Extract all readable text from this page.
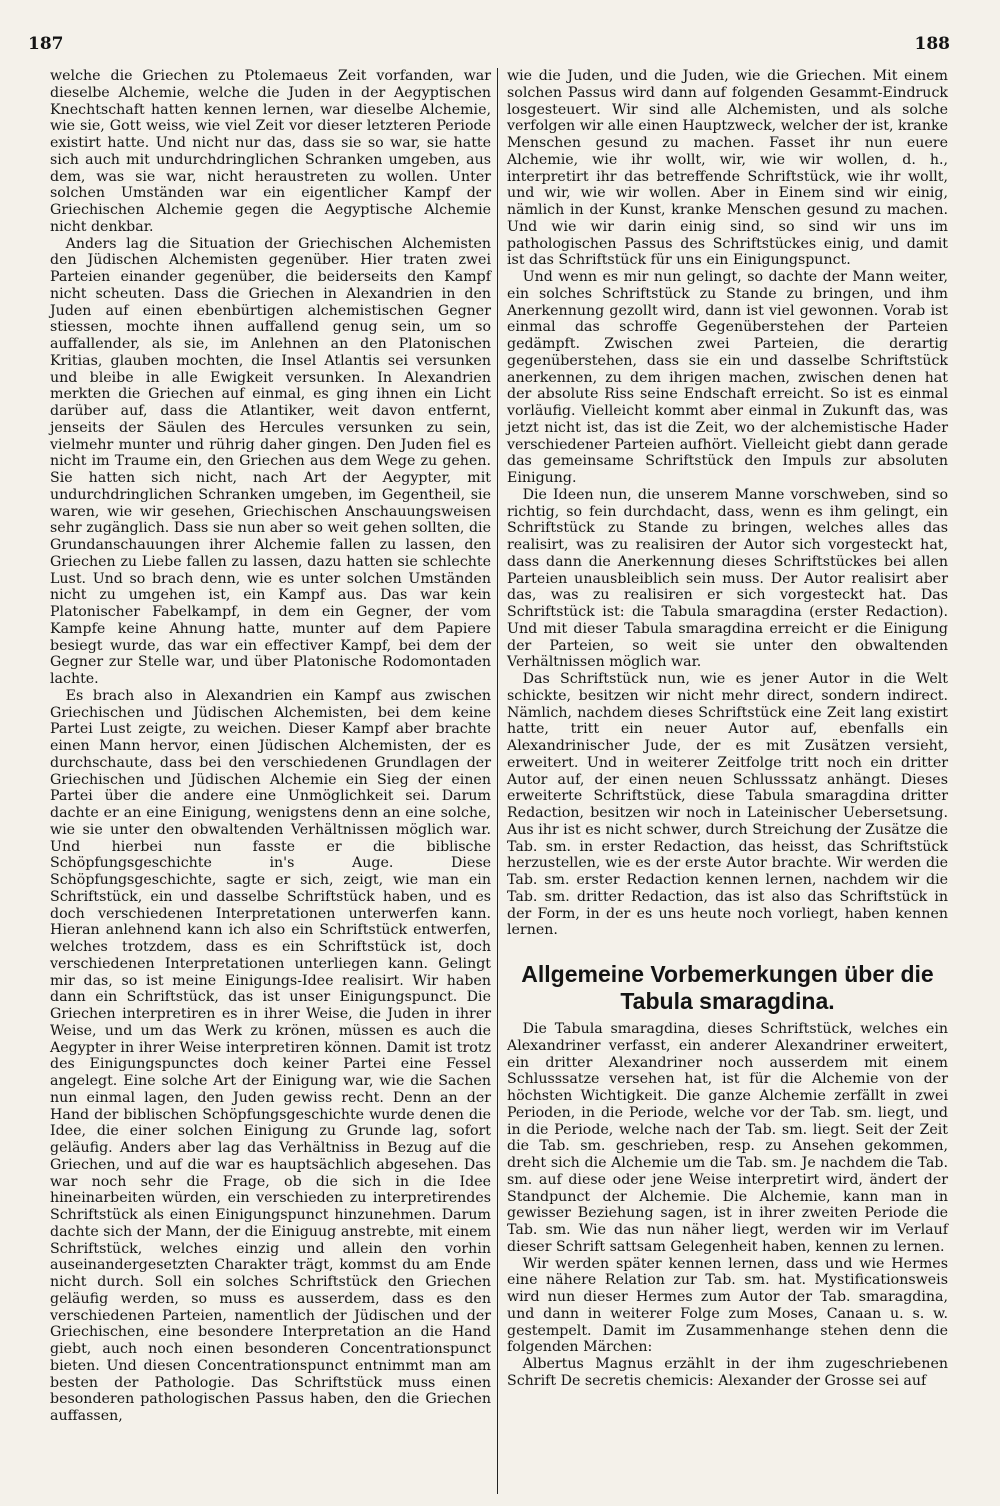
187	188

welche die Griechen zu Ptolemaeus Zeit vorfanden, war dieselbe Alchemie, welche die Juden in der Aegyptischen Knechtschaft hatten kennen lernen, war dieselbe Alchemie, wie sie, Gott weiss, wie viel Zeit vor dieser letzteren Periode existirt hatte. Und nicht nur das, dass sie so war, sie hatte sich auch mit undurchdringlichen Schranken umgeben, aus dem, was sie war, nicht heraustreten zu wollen. Unter solchen Umständen war ein eigentlicher Kampf der Griechischen Alchemie gegen die Aegyptische Alchemie nicht denkbar.

Anders lag die Situation der Griechischen Alchemisten den Jüdischen Alchemisten gegenüber. Hier traten zwei Parteien einander gegenüber, die beiderseits den Kampf nicht scheuten. Dass die Griechen in Alexandrien in den Juden auf einen ebenbürtigen alchemistischen Gegner stiessen, mochte ihnen auffallend genug sein, um so auffallender, als sie, im Anlehnen an den Platonischen Kritias, glauben mochten, die Insel Atlantis sei versunken und bleibe in alle Ewigkeit versunken. In Alexandrien merkten die Griechen auf einmal, es ging ihnen ein Licht darüber auf, dass die Atlantiker, weit davon entfernt, jenseits der Säulen des Hercules versunken zu sein, vielmehr munter und rührig daher gingen. Den Juden fiel es nicht im Traume ein, den Griechen aus dem Wege zu gehen. Sie hatten sich nicht, nach Art der Aegypter, mit undurchdringlichen Schranken umgeben, im Gegentheil, sie waren, wie wir gesehen, Griechischen Anschauungsweisen sehr zugänglich. Dass sie nun aber so weit gehen sollten, die Grundanschauungen ihrer Alchemie fallen zu lassen, den Griechen zu Liebe fallen zu lassen, dazu hatten sie schlechte Lust. Und so brach denn, wie es unter solchen Umständen nicht zu umgehen ist, ein Kampf aus. Das war kein Platonischer Fabelkampf, in dem ein Gegner, der vom Kampfe keine Ahnung hatte, munter auf dem Papiere besiegt wurde, das war ein effectiver Kampf, bei dem der Gegner zur Stelle war, und über Platonische Rodomontaden lachte.

Es brach also in Alexandrien ein Kampf aus zwischen Griechischen und Jüdischen Alchemisten, bei dem keine Partei Lust zeigte, zu weichen. Dieser Kampf aber brachte einen Mann hervor, einen Jüdischen Alchemisten, der es durchschaute, dass bei den verschiedenen Grundlagen der Griechischen und Jüdischen Alchemie ein Sieg der einen Partei über die andere eine Unmöglichkeit sei. Darum dachte er an eine Einigung, wenigstens denn an eine solche, wie sie unter den obwaltenden Verhältnissen möglich war. Und hierbei nun fasste er die biblische Schöpfungsgeschichte in's Auge. Diese Schöpfungsgeschichte, sagte er sich, zeigt, wie man ein Schriftstück, ein und dasselbe Schriftstück haben, und es doch verschiedenen Interpretationen unterwerfen kann. Hieran anlehnend kann ich also ein Schriftstück entwerfen, welches trotzdem, dass es ein Schriftstück ist, doch verschiedenen Interpretationen unterliegen kann. Gelingt mir das, so ist meine Einigungs-Idee realisirt. Wir haben dann ein Schriftstück, das ist unser Einigungspunct. Die Griechen interpretiren es in ihrer Weise, die Juden in ihrer Weise, und um das Werk zu krönen, müssen es auch die Aegypter in ihrer Weise interpretiren können. Damit ist trotz des Einigungspunctes doch keiner Partei eine Fessel angelegt. Eine solche Art der Einigung war, wie die Sachen nun einmal lagen, den Juden gewiss recht. Denn an der Hand der biblischen Schöpfungsgeschichte wurde denen die Idee, die einer solchen Einigung zu Grunde lag, sofort geläufig. Anders aber lag das Verhältniss in Bezug auf die Griechen, und auf die war es hauptsächlich abgesehen. Das war noch sehr die Frage, ob die sich in die Idee hineinarbeiten würden, ein verschieden zu interpretirendes Schriftstück als einen Einigungspunct hinzunehmen. Darum dachte sich der Mann, der die Einiguug anstrebte, mit einem Schriftstück, welches einzig und allein den vorhin auseinandergesetzten Charakter trägt, kommst du am Ende nicht durch. Soll ein solches Schriftstück den Griechen geläufig werden, so muss es ausserdem, dass es den verschiedenen Parteien, namentlich der Jüdischen und der Griechischen, eine besondere Interpretation an die Hand giebt, auch noch einen besonderen Concentrationspunct bieten. Und diesen Concentrationspunct entnimmt man am besten der Pathologie. Das Schriftstück muss einen besonderen pathologischen Passus haben, den die Griechen auffassen,

wie die Juden, und die Juden, wie die Griechen. Mit einem solchen Passus wird dann auf folgenden Gesammt-Eindruck losgesteuert. Wir sind alle Alchemisten, und als solche verfolgen wir alle einen Hauptzweck, welcher der ist, kranke Menschen gesund zu machen. Fasset ihr nun euere Alchemie, wie ihr wollt, wir, wie wir wollen, d. h., interpretirt ihr das betreffende Schriftstück, wie ihr wollt, und wir, wie wir wollen. Aber in Einem sind wir einig, nämlich in der Kunst, kranke Menschen gesund zu machen. Und wie wir darin einig sind, so sind wir uns im pathologischen Passus des Schriftstückes einig, und damit ist das Schriftstück für uns ein Einigungspunct.

Und wenn es mir nun gelingt, so dachte der Mann weiter, ein solches Schriftstück zu Stande zu bringen, und ihm Anerkennung gezollt wird, dann ist viel gewonnen. Vorab ist einmal das schroffe Gegenüberstehen der Parteien gedämpft. Zwischen zwei Parteien, die derartig gegenüberstehen, dass sie ein und dasselbe Schriftstück anerkennen, zu dem ihrigen machen, zwischen denen hat der absolute Riss seine Endschaft erreicht. So ist es einmal vorläufig. Vielleicht kommt aber einmal in Zukunft das, was jetzt nicht ist, das ist die Zeit, wo der alchemistische Hader verschiedener Parteien aufhört. Vielleicht giebt dann gerade das gemeinsame Schriftstück den Impuls zur absoluten Einigung.

Die Ideen nun, die unserem Manne vorschweben, sind so richtig, so fein durchdacht, dass, wenn es ihm gelingt, ein Schriftstück zu Stande zu bringen, welches alles das realisirt, was zu realisiren der Autor sich vorgesteckt hat, dass dann die Anerkennung dieses Schriftstückes bei allen Parteien unausbleiblich sein muss. Der Autor realisirt aber das, was zu realisiren er sich vorgesteckt hat. Das Schriftstück ist: die Tabula smaragdina (erster Redaction). Und mit dieser Tabula smaragdina erreicht er die Einigung der Parteien, so weit sie unter den obwaltenden Verhältnissen möglich war.

Das Schriftstück nun, wie es jener Autor in die Welt schickte, besitzen wir nicht mehr direct, sondern indirect. Nämlich, nachdem dieses Schriftstück eine Zeit lang existirt hatte, tritt ein neuer Autor auf, ebenfalls ein Alexandrinischer Jude, der es mit Zusätzen versieht, erweitert. Und in weiterer Zeitfolge tritt noch ein dritter Autor auf, der einen neuen Schlusssatz anhängt. Dieses erweiterte Schriftstück, diese Tabula smaragdina dritter Redaction, besitzen wir noch in Lateinischer Uebersetsung. Aus ihr ist es nicht schwer, durch Streichung der Zusätze die Tab. sm. in erster Redaction, das heisst, das Schriftstück herzustellen, wie es der erste Autor brachte. Wir werden die Tab. sm. erster Redaction kennen lernen, nachdem wir die Tab. sm. dritter Redaction, das ist also das Schriftstück in der Form, in der es uns heute noch vorliegt, haben kennen lernen.

Allgemeine Vorbemerkungen über die
Tabula smaragdina.

Die Tabula smaragdina, dieses Schriftstück, welches ein Alexandriner verfasst, ein anderer Alexandriner erweitert, ein dritter Alexandriner noch ausserdem mit einem Schlusssatze versehen hat, ist für die Alchemie von der höchsten Wichtigkeit. Die ganze Alchemie zerfällt in zwei Perioden, in die Periode, welche vor der Tab. sm. liegt, und in die Periode, welche nach der Tab. sm. liegt. Seit der Zeit die Tab. sm. geschrieben, resp. zu Ansehen gekommen, dreht sich die Alchemie um die Tab. sm. Je nachdem die Tab. sm. auf diese oder jene Weise interpretirt wird, ändert der Standpunct der Alchemie. Die Alchemie, kann man in gewisser Beziehung sagen, ist in ihrer zweiten Periode die Tab. sm. Wie das nun näher liegt, werden wir im Verlauf dieser Schrift sattsam Gelegenheit haben, kennen zu lernen.

Wir werden später kennen lernen, dass und wie Hermes eine nähere Relation zur Tab. sm. hat. Mystificationsweis wird nun dieser Hermes zum Autor der Tab. smaragdina, und dann in weiterer Folge zum Moses, Canaan u. s. w. gestempelt. Damit im Zusammenhange stehen denn die folgenden Märchen:

Albertus Magnus erzählt in der ihm zugeschriebenen Schrift De secretis chemicis: Alexander der Grosse sei auf
